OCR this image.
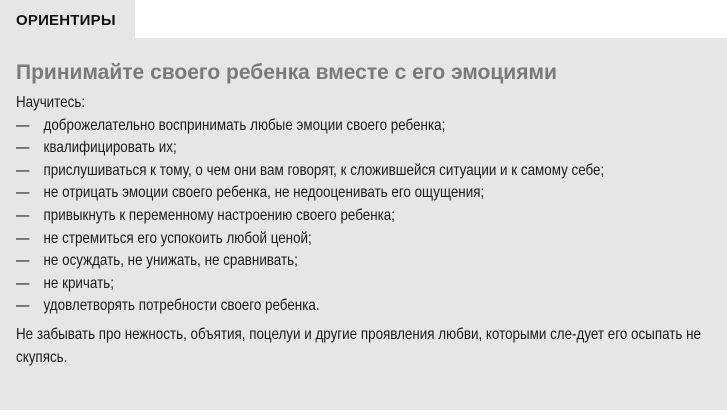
ОРИЕНТИРЫ
Принимайте своего ребенка вместе с его эмоциями

Научитесь:

— доброжелательно воспринимать любые эмоции своего ребенка;
— квалифицировать их;
— прислушиваться к тому, о чем они вам говорят, к сложившейся ситуации и к самому себе;
— не отрицать эмоции своего ребенка, не недооценивать его ощущения;
— привыкнуть к переменному настроению своего ребенка;
— не стремиться его успокоить любой ценой;
— не осуждать, не унижать, не сравнивать;
— не кричать;
— удовлетворять потребности своего ребенка.

Не забывать про нежность, объятия, поцелуи и другие проявления любви, которыми сле-дует его осыпать не скупясь.
